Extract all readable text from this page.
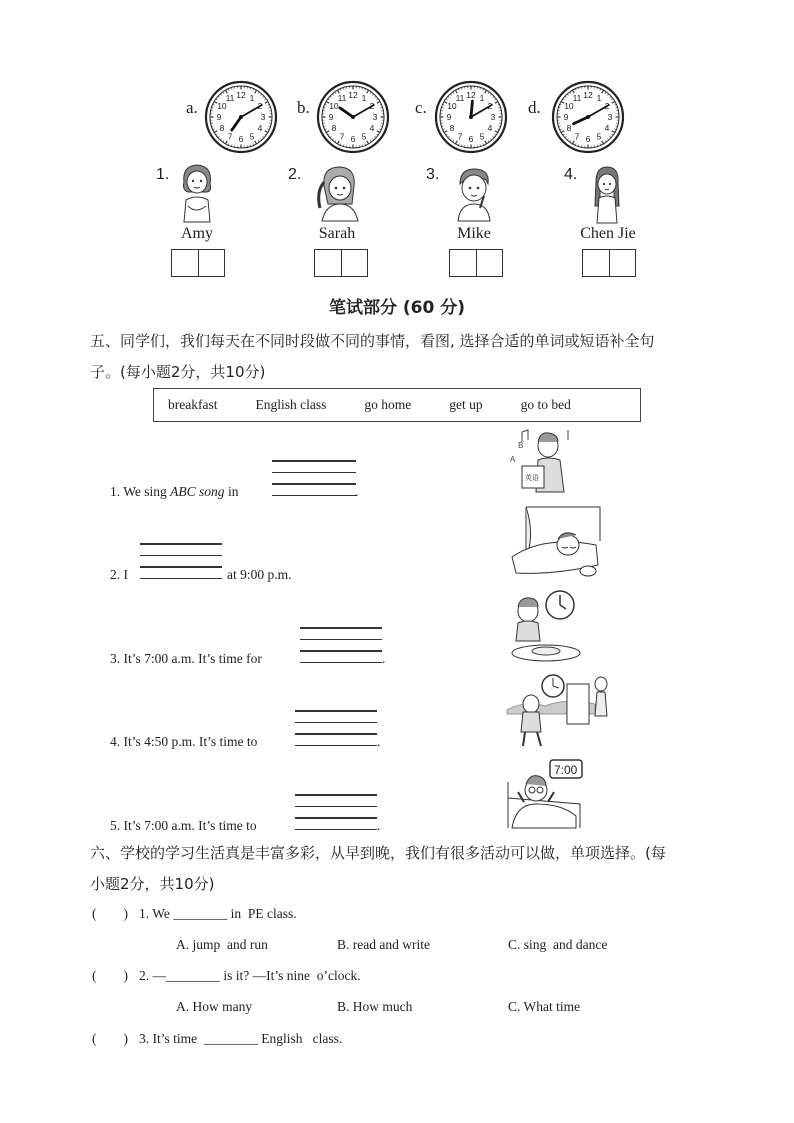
a.	b.	c.	d.
1
3
4
5
6
7
8
9
10
11 12	1
3
4
5
6
7
8
9
10
11 12	1
3
4
5
6
7
8
9
10
11 12	1
3
4
5
6
7
8
9
10
11 12
1.	2.	3.	4.
Amy	Sarah	Mike	Chen Jie
笔试部分 (60 分)
五、同学们，我们每天在不同时段做不同的事情，看图, 选择合适的单词或短语补全句
子。(每小题2分，共10分)
breakfast	English class	go home	get up	go to bed
1. We sing ABC song in	.
2. I	at 9:00 p.m.
3. It’s 7:00 a.m. It’s time for	.
4. It’s 4:50 p.m. It’s time to	.
5. It’s 7:00 a.m. It’s time to	.
A
B
英语
7:00
六、学校的学习生活真是丰富多彩，从早到晚，我们有很多活动可以做，单项选择。(每
小题2分，共10分)
(        ) 1. We ________ in  PE class.
A. jump  and run	B. read and write	C. sing  and dance
(        ) 2. —________ is it? —It’s nine  o’clock.
A. How many	B. How much	C. What time
(        ) 3. It’s time  ________ English   class.
